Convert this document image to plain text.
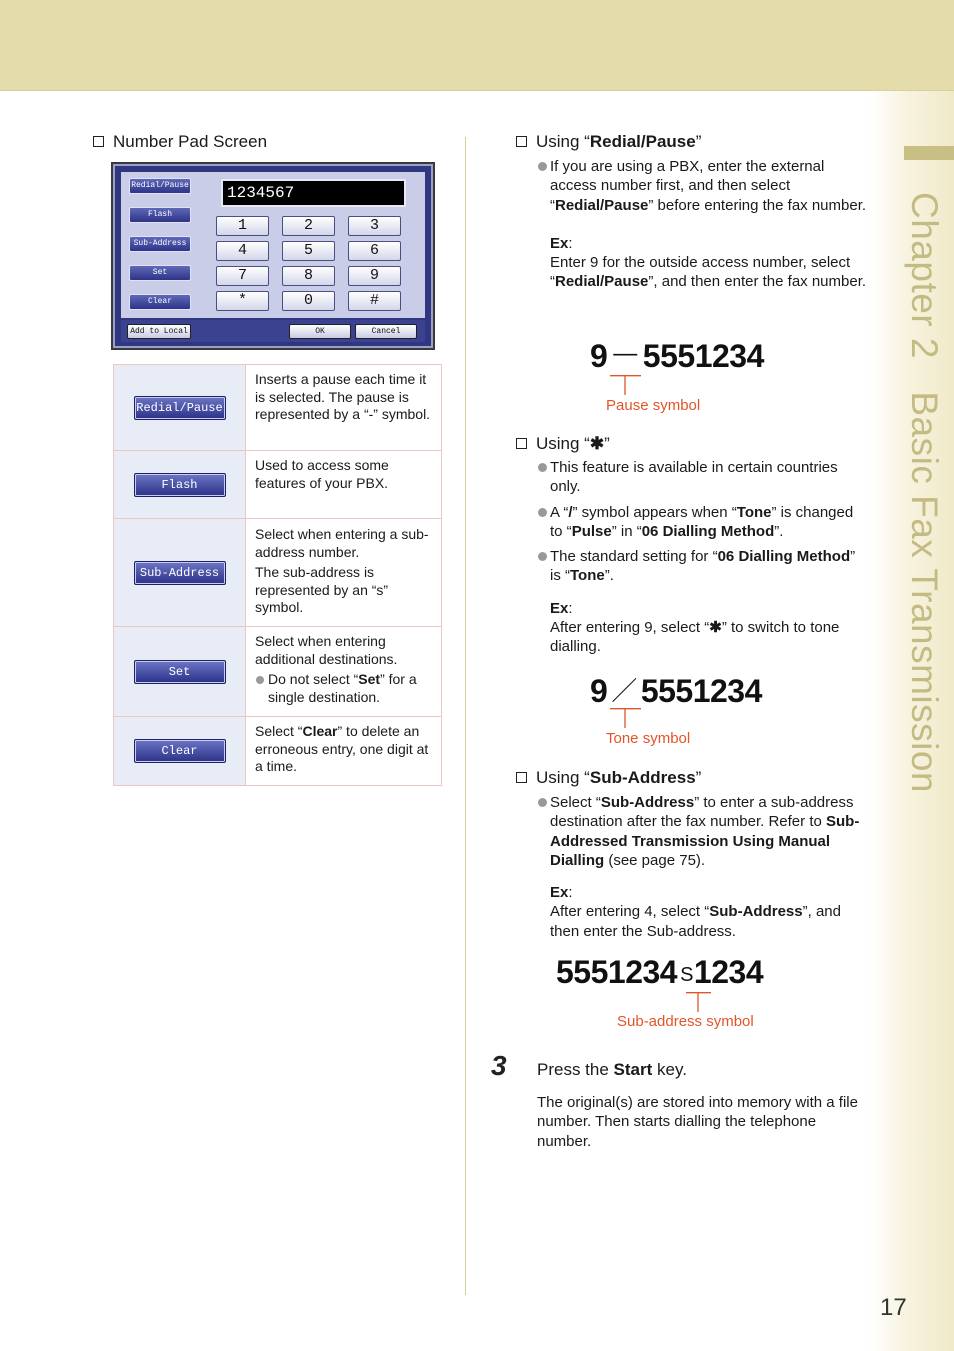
Chapter 2   Basic Fax Transmission
Number Pad Screen
Redial/Pause
Flash
Sub-Address
Set
Clear
1234567
1	2	3
4	5	6
7	8	9
*	0	#
Add to Local	OK	Cancel
Redial/Pause	Inserts a pause each time it is selected. The pause is represented by a “-” symbol.

Flash	Used to access some features of your PBX.

Sub-Address	Select when entering a sub-address number.

The sub-address is represented by an “s” symbol.

Set	Select when entering additional destinations.

Do not select “Set” for a single destination.

Clear	Select “Clear” to delete an erroneous entry, one digit at a time.

Using “Redial/Pause”
If you are using a PBX, enter the external access number first, and then select “Redial/Pause” before entering the fax number.
Ex:
Enter 9 for the outside access number, select “Redial/Pause”, and then enter the fax number.
9 — 5551234
Pause symbol
Using “✱”
This feature is available in certain countries only.
A “/” symbol appears when “Tone” is changed to “Pulse” in “06 Dialling Method”.
The standard setting for “06 Dialling Method” is “Tone”.
Ex:
After entering 9, select “✱” to switch to tone dialling.
9 ／ 5551234
Tone symbol
Using “Sub-Address”
Select “Sub-Address” to enter a sub-address destination after the fax number. Refer to Sub-Addressed Transmission Using Manual Dialling (see page 75).
Ex:
After entering 4, select “Sub-Address”, and then enter the Sub-address.
5551234 S1234
Sub-address symbol
3 Press the Start key.
The original(s) are stored into memory with a file number. Then starts dialling the telephone number.
17
